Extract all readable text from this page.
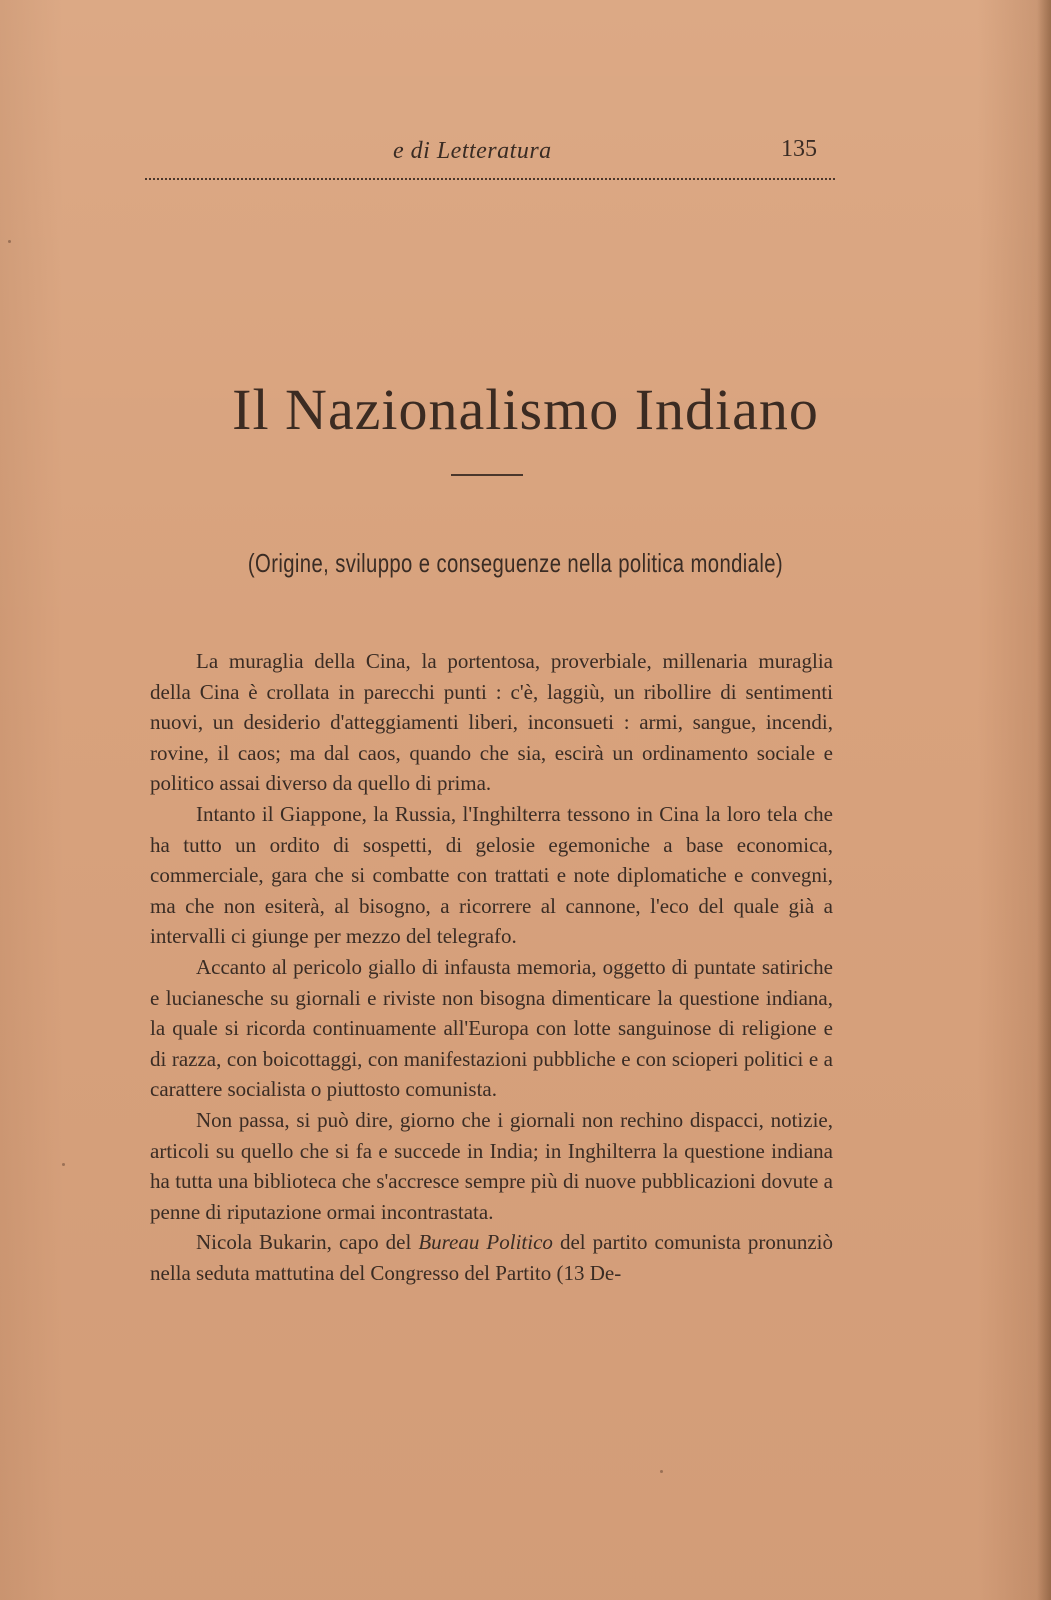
e di Letteratura	135
Il Nazionalismo Indiano
(Origine, sviluppo e conseguenze nella politica mondiale)

La muraglia della Cina, la portentosa, proverbiale, millenaria muraglia della Cina è crollata in parecchi punti : c'è, laggiù, un ribollire di sentimenti nuovi, un desiderio d'atteggiamenti liberi, inconsueti : armi, sangue, incendi, rovine, il caos; ma dal caos, quando che sia, escirà un ordinamento sociale e politico assai diverso da quello di prima.

Intanto il Giappone, la Russia, l'Inghilterra tessono in Cina la loro tela che ha tutto un ordito di sospetti, di gelosie egemoniche a base economica, commerciale, gara che si combatte con trattati e note diplomatiche e convegni, ma che non esiterà, al bisogno, a ricorrere al cannone, l'eco del quale già a intervalli ci giunge per mezzo del telegrafo.

Accanto al pericolo giallo di infausta memoria, oggetto di puntate satiriche e lucianesche su giornali e riviste non bisogna dimenticare la questione indiana, la quale si ricorda continuamente all'Europa con lotte sanguinose di religione e di razza, con boicottaggi, con manifestazioni pubbliche e con scioperi politici e a carattere socialista o piuttosto comunista.

Non passa, si può dire, giorno che i giornali non rechino dispacci, notizie, articoli su quello che si fa e succede in India; in Inghilterra la questione indiana ha tutta una biblioteca che s'accresce sempre più di nuove pubblicazioni dovute a penne di riputazione ormai incontrastata.

Nicola Bukarin, capo del Bureau Politico del partito comunista pronunziò nella seduta mattutina del Congresso del Partito (13 De-
